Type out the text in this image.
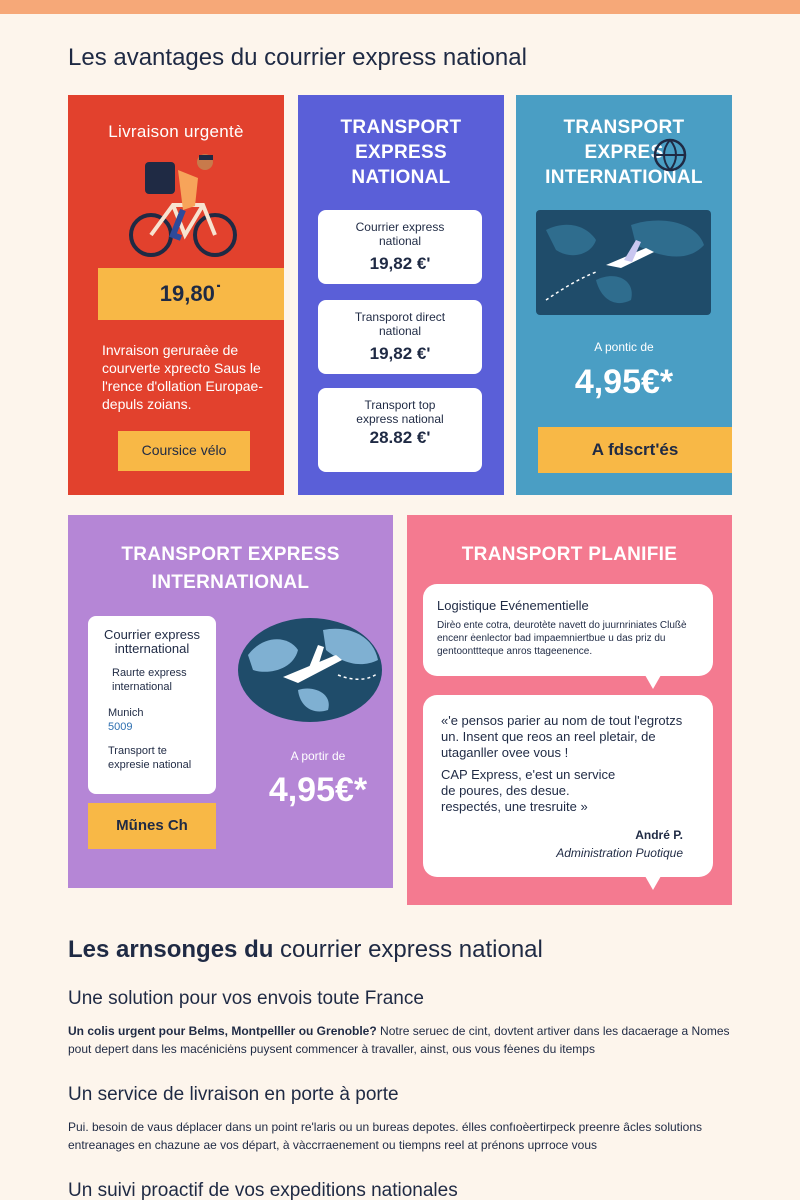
Les avantages du courrier express national
Livraison urgentè
19,80˙
Invraison geruraèe de courverte xprecto Saus le l'rence d'ollation Europae-depuls zoians.
Coursice vélo
TRANSPORT
EXPRESS
NATIONAL
Courrier express national
19,82 €'
Transporot direct national
19,82 €'
Transport top express national
28.82 €'
TRANSPORT
EXPRES
INTERNATIONAL
A pontic de
4,95€*
A fdscrt'és
TRANSPORT EXPRESS
INTERNATIONAL
Courrier express intternational
Raurte express international
Munich
5009
Transport te expresie national
A portir de
4,95€*
Mũnes Ch
TRANSPORT PLANIFIE
Logistique Evénementielle
Dirèo ente cotra, deurotète navett do juurnriniates Clußè encenr ėenlector bad impaemniertbue u das priz du gentoonttteque anros ttageenence.
«'e pensos parier au nom de tout l'egrotzs un. Insent que reos an reel pletair, de utaganller ovee vous !
CAP Express, e'est un service de poures, des desue. respectés, une tresruite »
André P.
Administration Puotique
Les arnsonges du courrier express national
Une solution pour vos envois toute France
Un colis urgent pour Belms, Montpelller ou Grenoble? Notre seruec de cint, dovtent artiver dans les dacaerage a Nomes pout depert dans les macéniciėns puysent commencer à travaller, ainst, ous vous fėenes du itemps
Un service de livraison en porte à porte
Pui. besoin de vaus déplacer dans un point re'laris ou un bureas depotes. élles confıoèertirpeck preenre âcles solutions entreanages en chazune ae vos départ, à vàccrraenement ou tiempns reel at prénons uprroce vous
Un suivi proactif de vos expeditions nationales
